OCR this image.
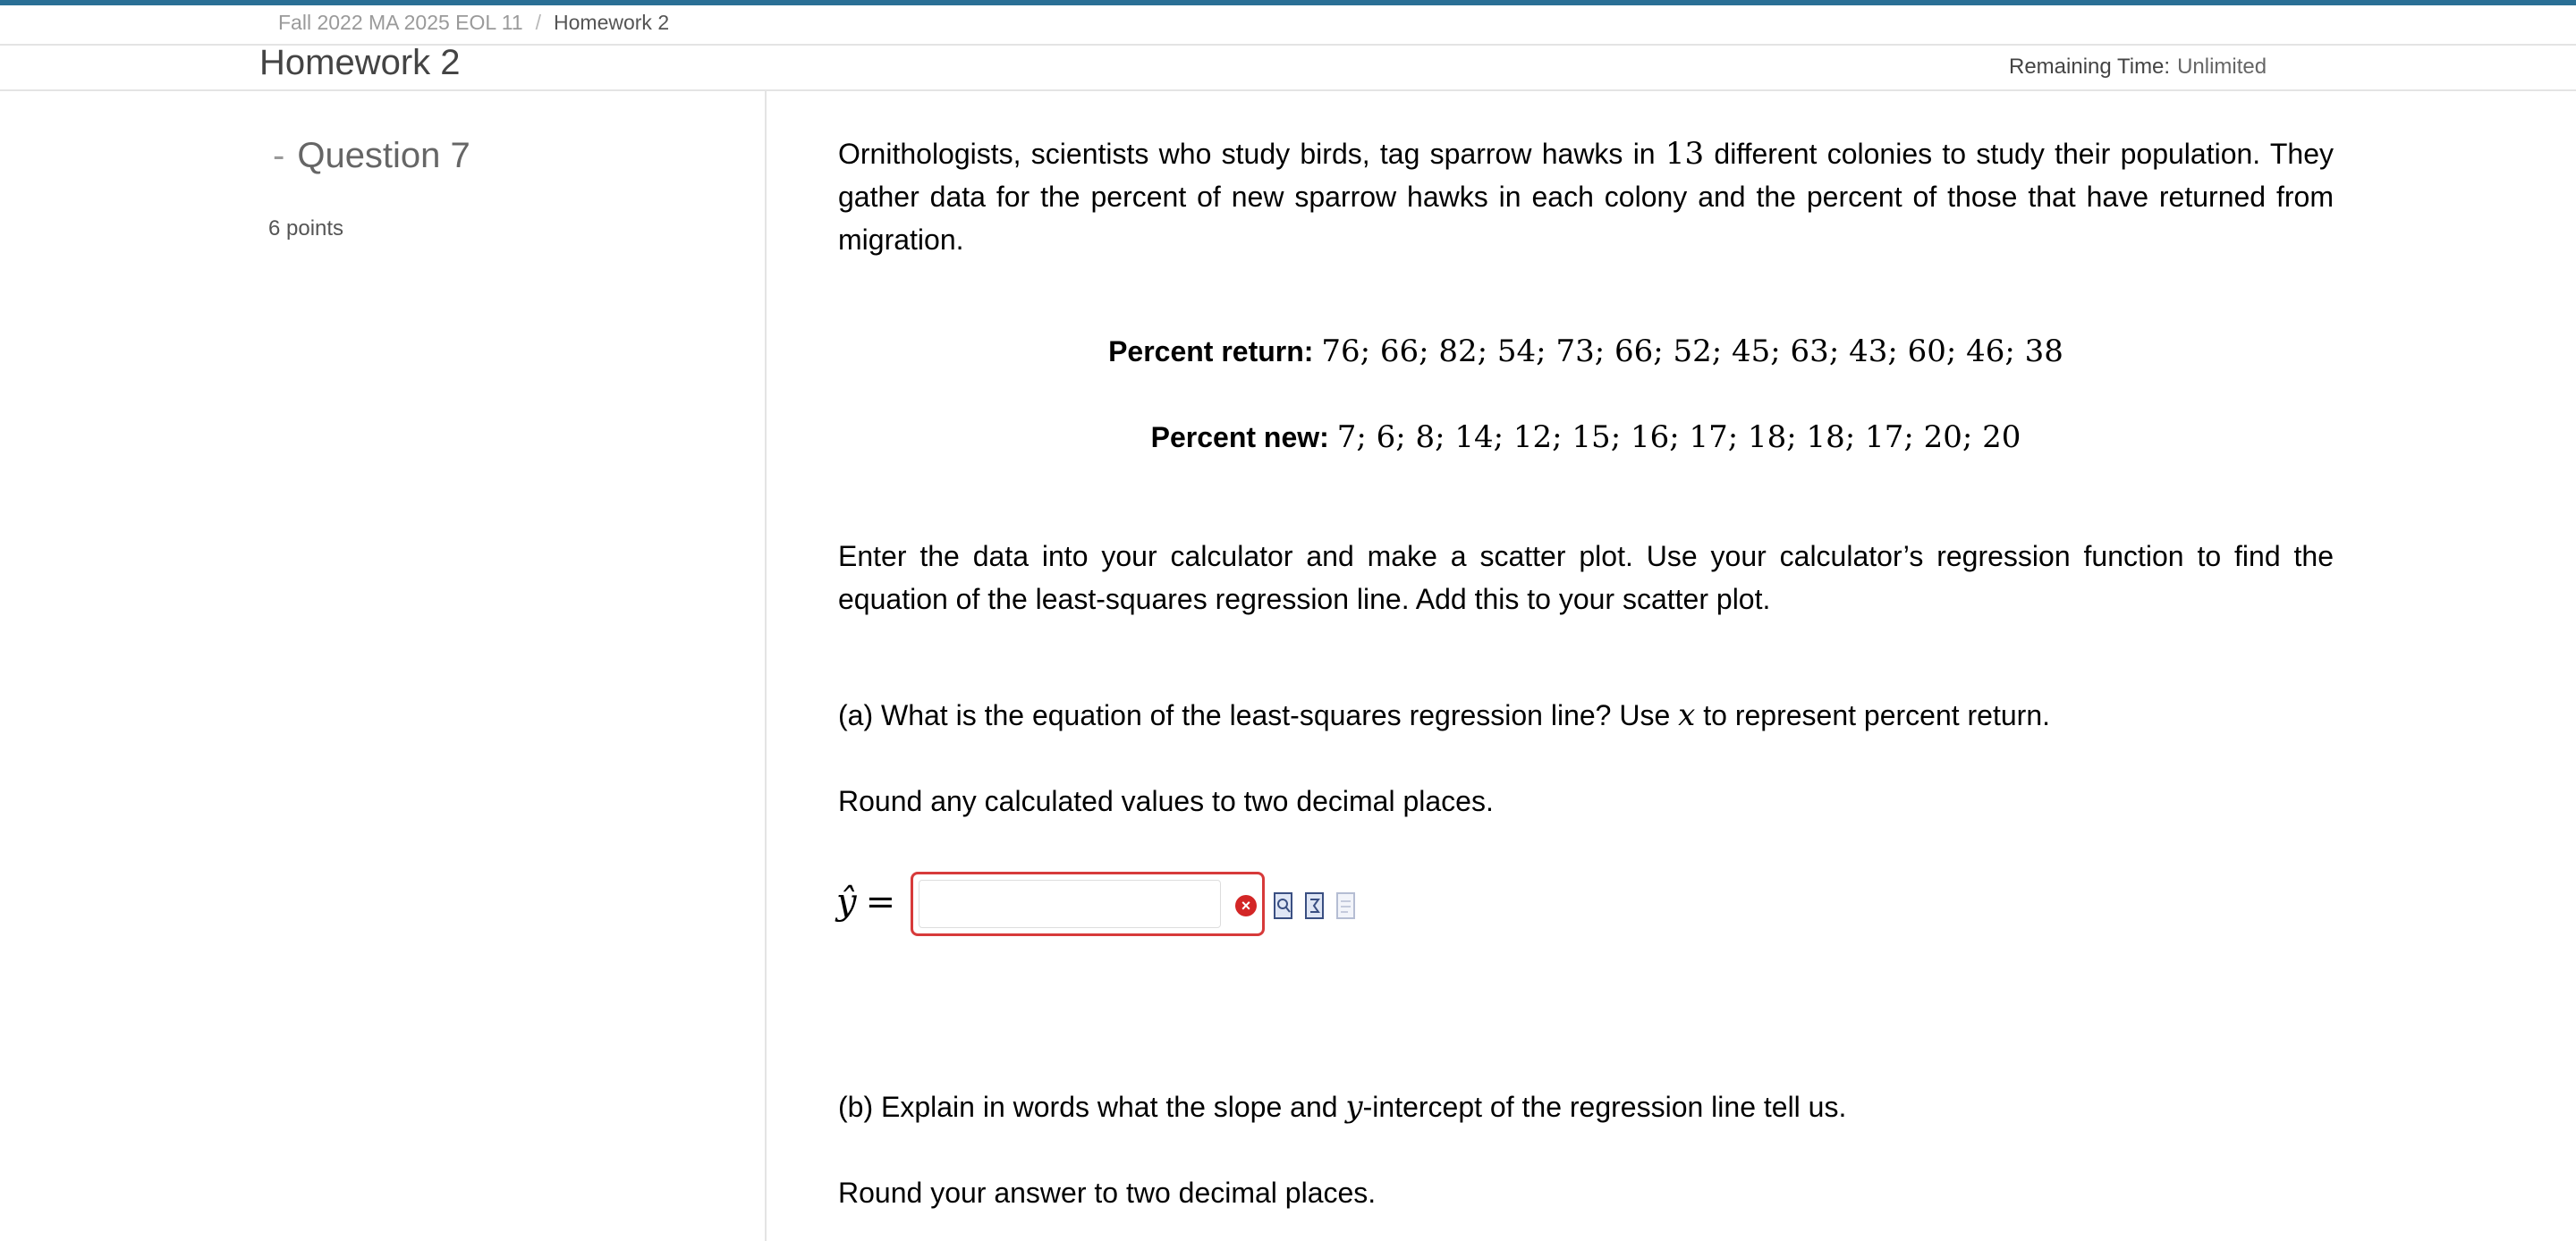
Fall 2022 MA 2025 EOL 11 / Homework 2
Homework 2	Remaining Time: Unlimited
- Question 7
6 points
Ornithologists, scientists who study birds, tag sparrow hawks in 13 different colonies to study their population. They gather data for the percent of new sparrow hawks in each colony and the percent of those that have returned from migration.
Percent return: 76; 66; 82; 54; 73; 66; 52; 45; 63; 43; 60; 46; 38
Percent new: 7; 6; 8; 14; 12; 15; 16; 17; 18; 18; 17; 20; 20
Enter the data into your calculator and make a scatter plot. Use your calculator’s regression function to find the equation of the least-squares regression line. Add this to your scatter plot.
(a) What is the equation of the least-squares regression line? Use x to represent percent return.
Round any calculated values to two decimal places.
ŷ =	×
(b) Explain in words what the slope and y-intercept of the regression line tell us.
Round your answer to two decimal places.
